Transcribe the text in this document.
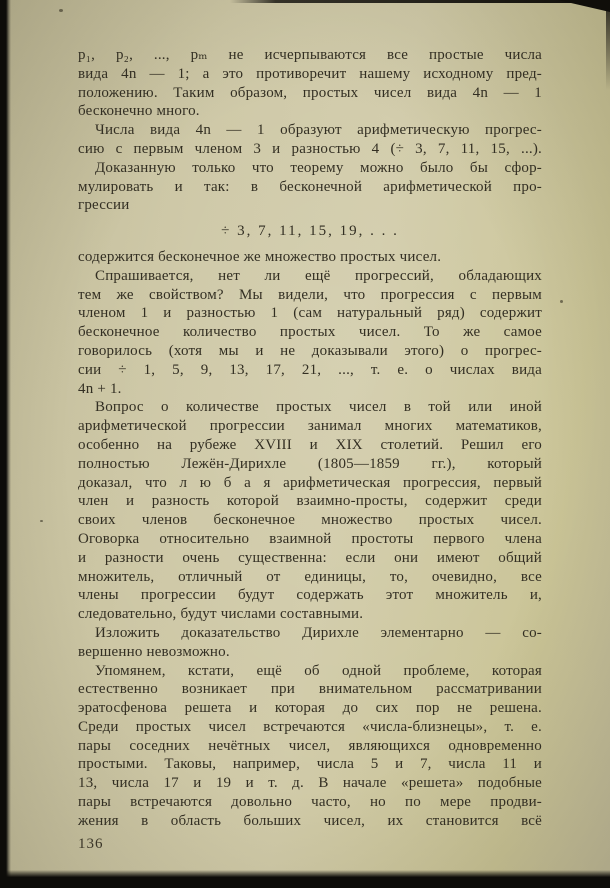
p₁, p₂, ..., pₘ не исчерпываются все простые числа
вида 4n — 1; а это противоречит нашему исходному пред-
положению. Таким образом, простых чисел вида 4n — 1
бесконечно много.
Числа вида 4n — 1 образуют арифметическую прогрес-
сию с первым членом 3 и разностью 4 (÷ 3, 7, 11, 15, ...).
Доказанную только что теорему можно было бы сфор-
мулировать и так: в бесконечной арифметической про-
грессии
÷ 3, 7, 11, 15, 19, . . .
содержится бесконечное же множество простых чисел.
Спрашивается, нет ли ещё прогрессий, обладающих
тем же свойством? Мы видели, что прогрессия с первым
членом 1 и разностью 1 (сам натуральный ряд) содержит
бесконечное количество простых чисел. То же самое
говорилось (хотя мы и не доказывали этого) о прогрес-
сии ÷ 1, 5, 9, 13, 17, 21, ..., т. е. о числах вида
4n + 1.
Вопрос о количестве простых чисел в той или иной
арифметической прогрессии занимал многих математиков,
особенно на рубеже XVIII и XIX столетий. Решил его
полностью Лежён-Дирихле (1805—1859 гг.), который
доказал, что л ю б а я арифметическая прогрессия, первый
член и разность которой взаимно-просты, содержит среди
своих членов бесконечное множество простых чисел.
Оговорка относительно взаимной простоты первого члена
и разности очень существенна: если они имеют общий
множитель, отличный от единицы, то, очевидно, все
члены прогрессии будут содержать этот множитель и,
следовательно, будут числами составными.
Изложить доказательство Дирихле элементарно — со-
вершенно невозможно.
Упомянем, кстати, ещё об одной проблеме, которая
естественно возникает при внимательном рассматривании
эратосфенова решета и которая до сих пор не решена.
Среди простых чисел встречаются «числа-близнецы», т. е.
пары соседних нечётных чисел, являющихся одновременно
простыми. Таковы, например, числа 5 и 7, числа 11 и
13, числа 17 и 19 и т. д. В начале «решета» подобные
пары встречаются довольно часто, но по мере продви-
жения в область больших чисел, их становится всё
136
